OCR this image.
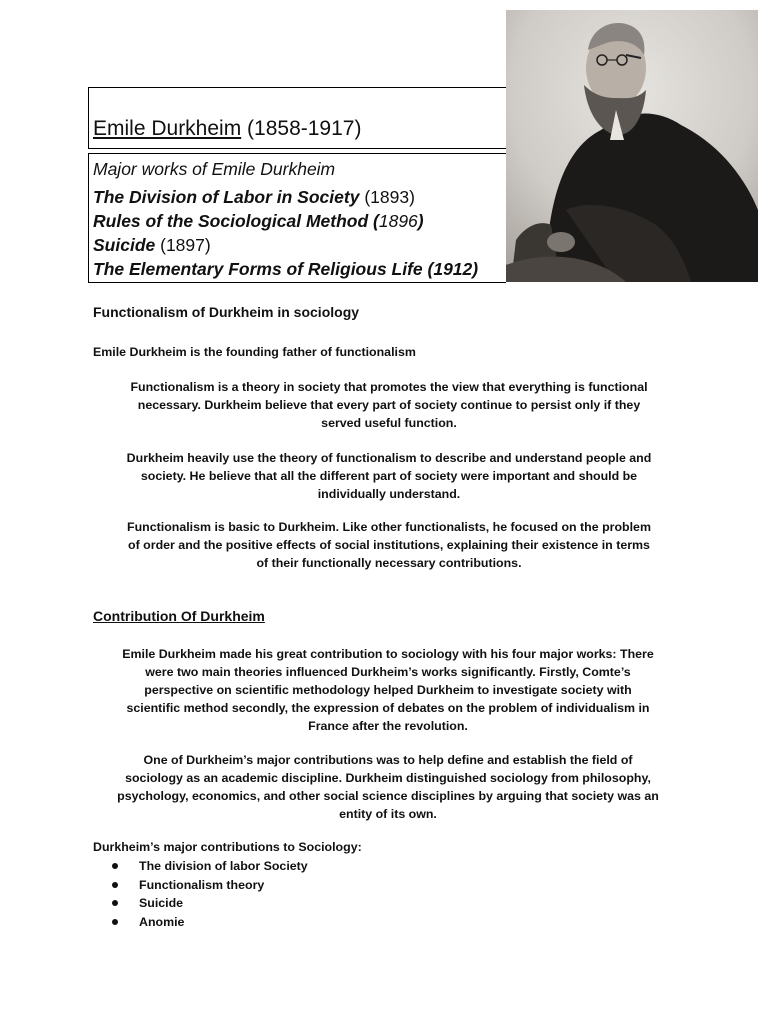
Emile Durkheim (1858-1917)
Major works of Emile Durkheim
The Division of Labor in Society (1893)
Rules of the Sociological Method (1896)
Suicide (1897)
The Elementary Forms of Religious Life (1912)
Functionalism of Durkheim in sociology
Emile Durkheim is the founding father of functionalism
Functionalism is a theory in society that promotes the view that everything is functional
necessary. Durkheim believe that every part of society continue to persist only if they
served useful function.
Durkheim heavily use the theory of functionalism to describe and understand people and
society. He believe that all the different part of society were important and should be
individually understand.
Functionalism is basic to Durkheim. Like other functionalists, he focused on the problem
of order and the positive effects of social institutions, explaining their existence in terms
of their functionally necessary contributions.
Contribution Of Durkheim
Emile Durkheim made his great contribution to sociology with his four major works: There
were two main theories influenced Durkheim’s works significantly. Firstly, Comte’s
perspective on scientific methodology helped Durkheim to investigate society with
scientific method secondly, the expression of debates on the problem of individualism in
France after the revolution.
One of Durkheim’s major contributions was to help define and establish the field of
sociology as an academic discipline. Durkheim distinguished sociology from philosophy,
psychology, economics, and other social science disciplines by arguing that society was an
entity of its own.
Durkheim’s major contributions to Sociology:
The division of labor Society
Functionalism theory
Suicide
Anomie
